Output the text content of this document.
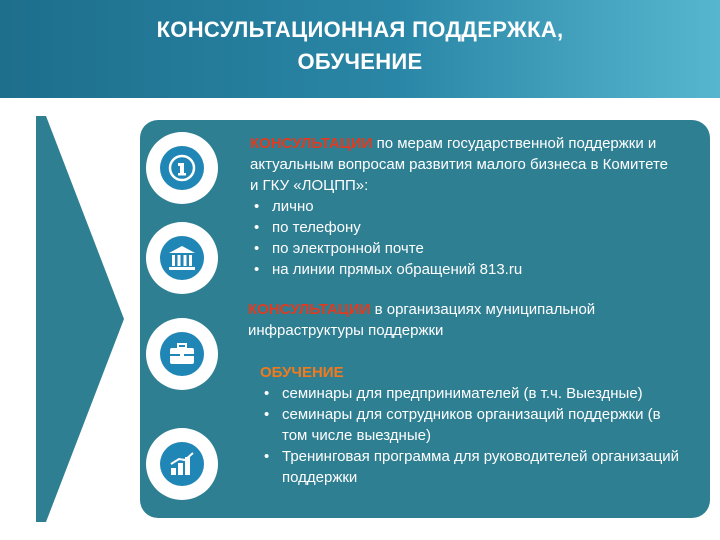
КОНСУЛЬТАЦИОННАЯ ПОДДЕРЖКА,
ОБУЧЕНИЕ
КОНСУЛЬТАЦИИ по мерам государственной поддержки и актуальным вопросам развития малого бизнеса в Комитете и ГКУ «ЛОЦПП»:
• лично
• по телефону
• по электронной почте
• на линии прямых обращений 813.ru
КОНСУЛЬТАЦИИ в организациях муниципальной инфраструктуры поддержки
ОБУЧЕНИЕ
• семинары для предпринимателей (в т.ч. Выездные)
• семинары для сотрудников организаций поддержки (в том числе выездные)
• Тренинговая программа для руководителей организаций поддержки
